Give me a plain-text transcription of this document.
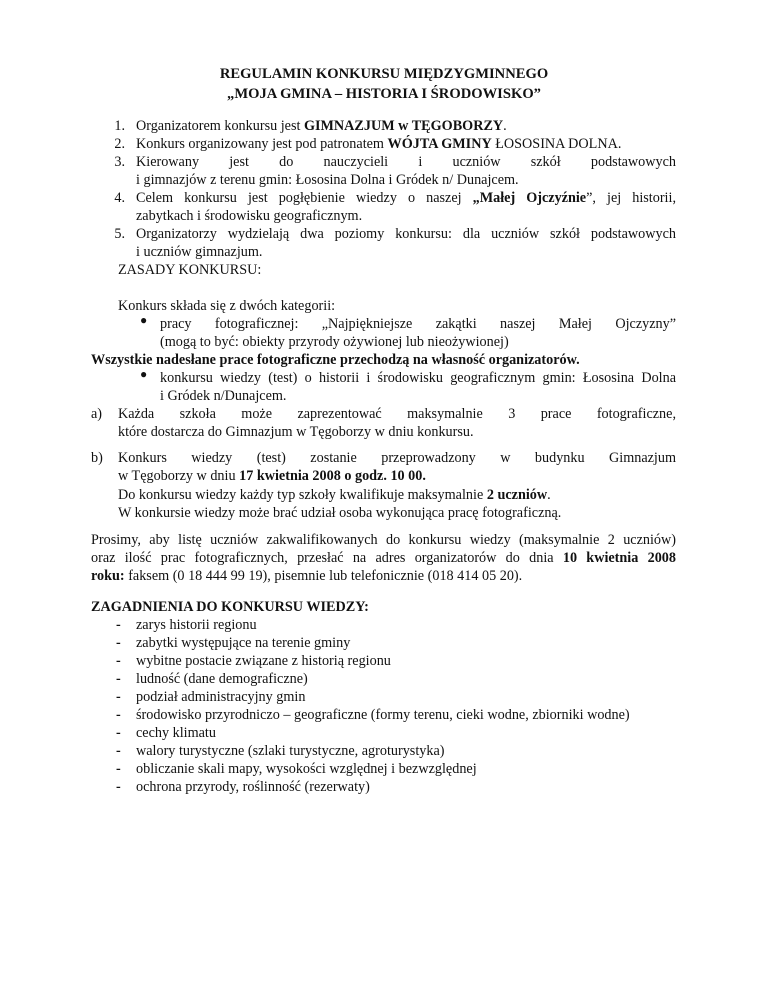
REGULAMIN KONKURSU MIĘDZYGMINNEGO
„MOJA GMINA – HISTORIA I ŚRODOWISKO”
1. Organizatorem konkursu jest GIMNAZJUM w TĘGOBORZY.
2. Konkurs organizowany jest pod patronatem WÓJTA GMINY ŁOSOSINA DOLNA.
3. Kierowany jest do nauczycieli i uczniów szkół podstawowych
i gimnazjów z terenu gmin: Łososina Dolna i Gródek n/ Dunajcem.
4. Celem konkursu jest pogłębienie wiedzy o naszej „Małej Ojczyźnie”, jej historii,
zabytkach i środowisku geograficznym.
5. Organizatorzy wydzielają dwa poziomy konkursu: dla uczniów szkół podstawowych
i uczniów gimnazjum.
ZASADY KONKURSU:
Konkurs składa się z dwóch kategorii:
● pracy fotograficznej: „Najpiękniejsze zakątki naszej Małej Ojczyzny”
(mogą to być: obiekty przyrody ożywionej lub nieożywionej)
Wszystkie nadesłane prace fotograficzne przechodzą na własność organizatorów.
● konkursu wiedzy (test) o historii i środowisku geograficznym gmin: Łososina Dolna
i Gródek n/Dunajcem.
a) Każda szkoła może zaprezentować maksymalnie 3 prace fotograficzne,
które dostarcza do Gimnazjum w Tęgoborzy w dniu konkursu.
b) Konkurs wiedzy (test) zostanie przeprowadzony w budynku Gimnazjum
w Tęgoborzy w dniu 17 kwietnia 2008 o godz. 10 00.
Do konkursu wiedzy każdy typ szkoły kwalifikuje maksymalnie 2 uczniów.
W konkursie wiedzy może brać udział osoba wykonująca pracę fotograficzną.
Prosimy, aby listę uczniów zakwalifikowanych do konkursu wiedzy (maksymalnie 2 uczniów)
oraz ilość prac fotograficznych, przesłać na adres organizatorów do dnia 10 kwietnia 2008
roku: faksem (0 18 444 99 19), pisemnie lub telefonicznie (018 414 05 20).
ZAGADNIENIA DO KONKURSU WIEDZY:
- zarys historii regionu
- zabytki występujące na terenie gminy
- wybitne postacie związane z historią regionu
- ludność (dane demograficzne)
- podział administracyjny gmin
- środowisko przyrodniczo – geograficzne (formy terenu, cieki wodne, zbiorniki wodne)
- cechy klimatu
- walory turystyczne (szlaki turystyczne, agroturystyka)
- obliczanie skali mapy, wysokości względnej i bezwzględnej
- ochrona przyrody, roślinność (rezerwaty)
